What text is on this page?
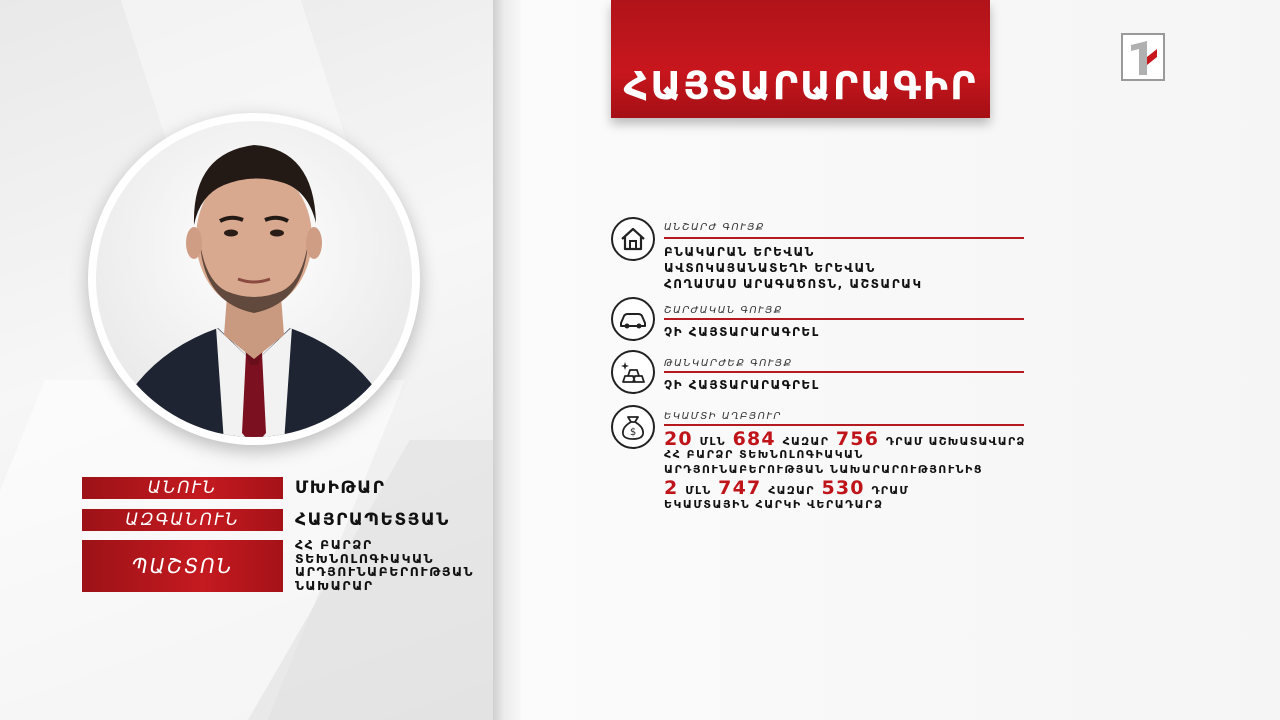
ՀԱՅՏԱՐԱՐԱԳԻՐ
ԱՆՈՒՆ	ՄԽԻԹԱՐ
ԱԶԳԱՆՈՒՆ	ՀԱՅՐԱՊԵՏՅԱՆ
ՊԱՇՏՈՆ
ՀՀ ԲԱՐՁՐ
ՏԵԽՆՈԼՈԳԻԱԿԱՆ
ԱՐԴՅՈՒՆԱԲԵՐՈՒԹՅԱՆ
ՆԱԽԱՐԱՐ
ԱՆՇԱՐԺ ԳՈՒՅՔ
ԲՆԱԿԱՐԱՆ ԵՐԵՎԱՆ
ԱՎՏՈԿԱՅԱՆԱՏԵՂԻ ԵՐԵՎԱՆ
ՀՈՂԱՄԱՍ ԱՐԱԳԱԾՈՏՆ, ԱՇՏԱՐԱԿ
ՇԱՐԺԱԿԱՆ ԳՈՒՅՔ
ՉԻ ՀԱՅՏԱՐԱՐԱԳՐԵԼ
ԹԱՆԿԱՐԺԵՔ ԳՈՒՅՔ
ՉԻ ՀԱՅՏԱՐԱՐԱԳՐԵԼ
$
ԵԿԱՄՏԻ ԱՂԲՅՈՒՐ
20 ՄԼՆ 684 ՀԱԶԱՐ 756 ԴՐԱՄ ԱՇԽԱՏԱՎԱՐՁ
ՀՀ ԲԱՐՁՐ ՏԵԽՆՈԼՈԳԻԱԿԱՆ
ԱՐԴՅՈՒՆԱԲԵՐՈՒԹՅԱՆ ՆԱԽԱՐԱՐՈՒԹՅՈՒՆԻՑ
2 ՄԼՆ 747 ՀԱԶԱՐ 530 ԴՐԱՄ
ԵԿԱՄՏԱՅԻՆ ՀԱՐԿԻ ՎԵՐԱԴԱՐՁ
